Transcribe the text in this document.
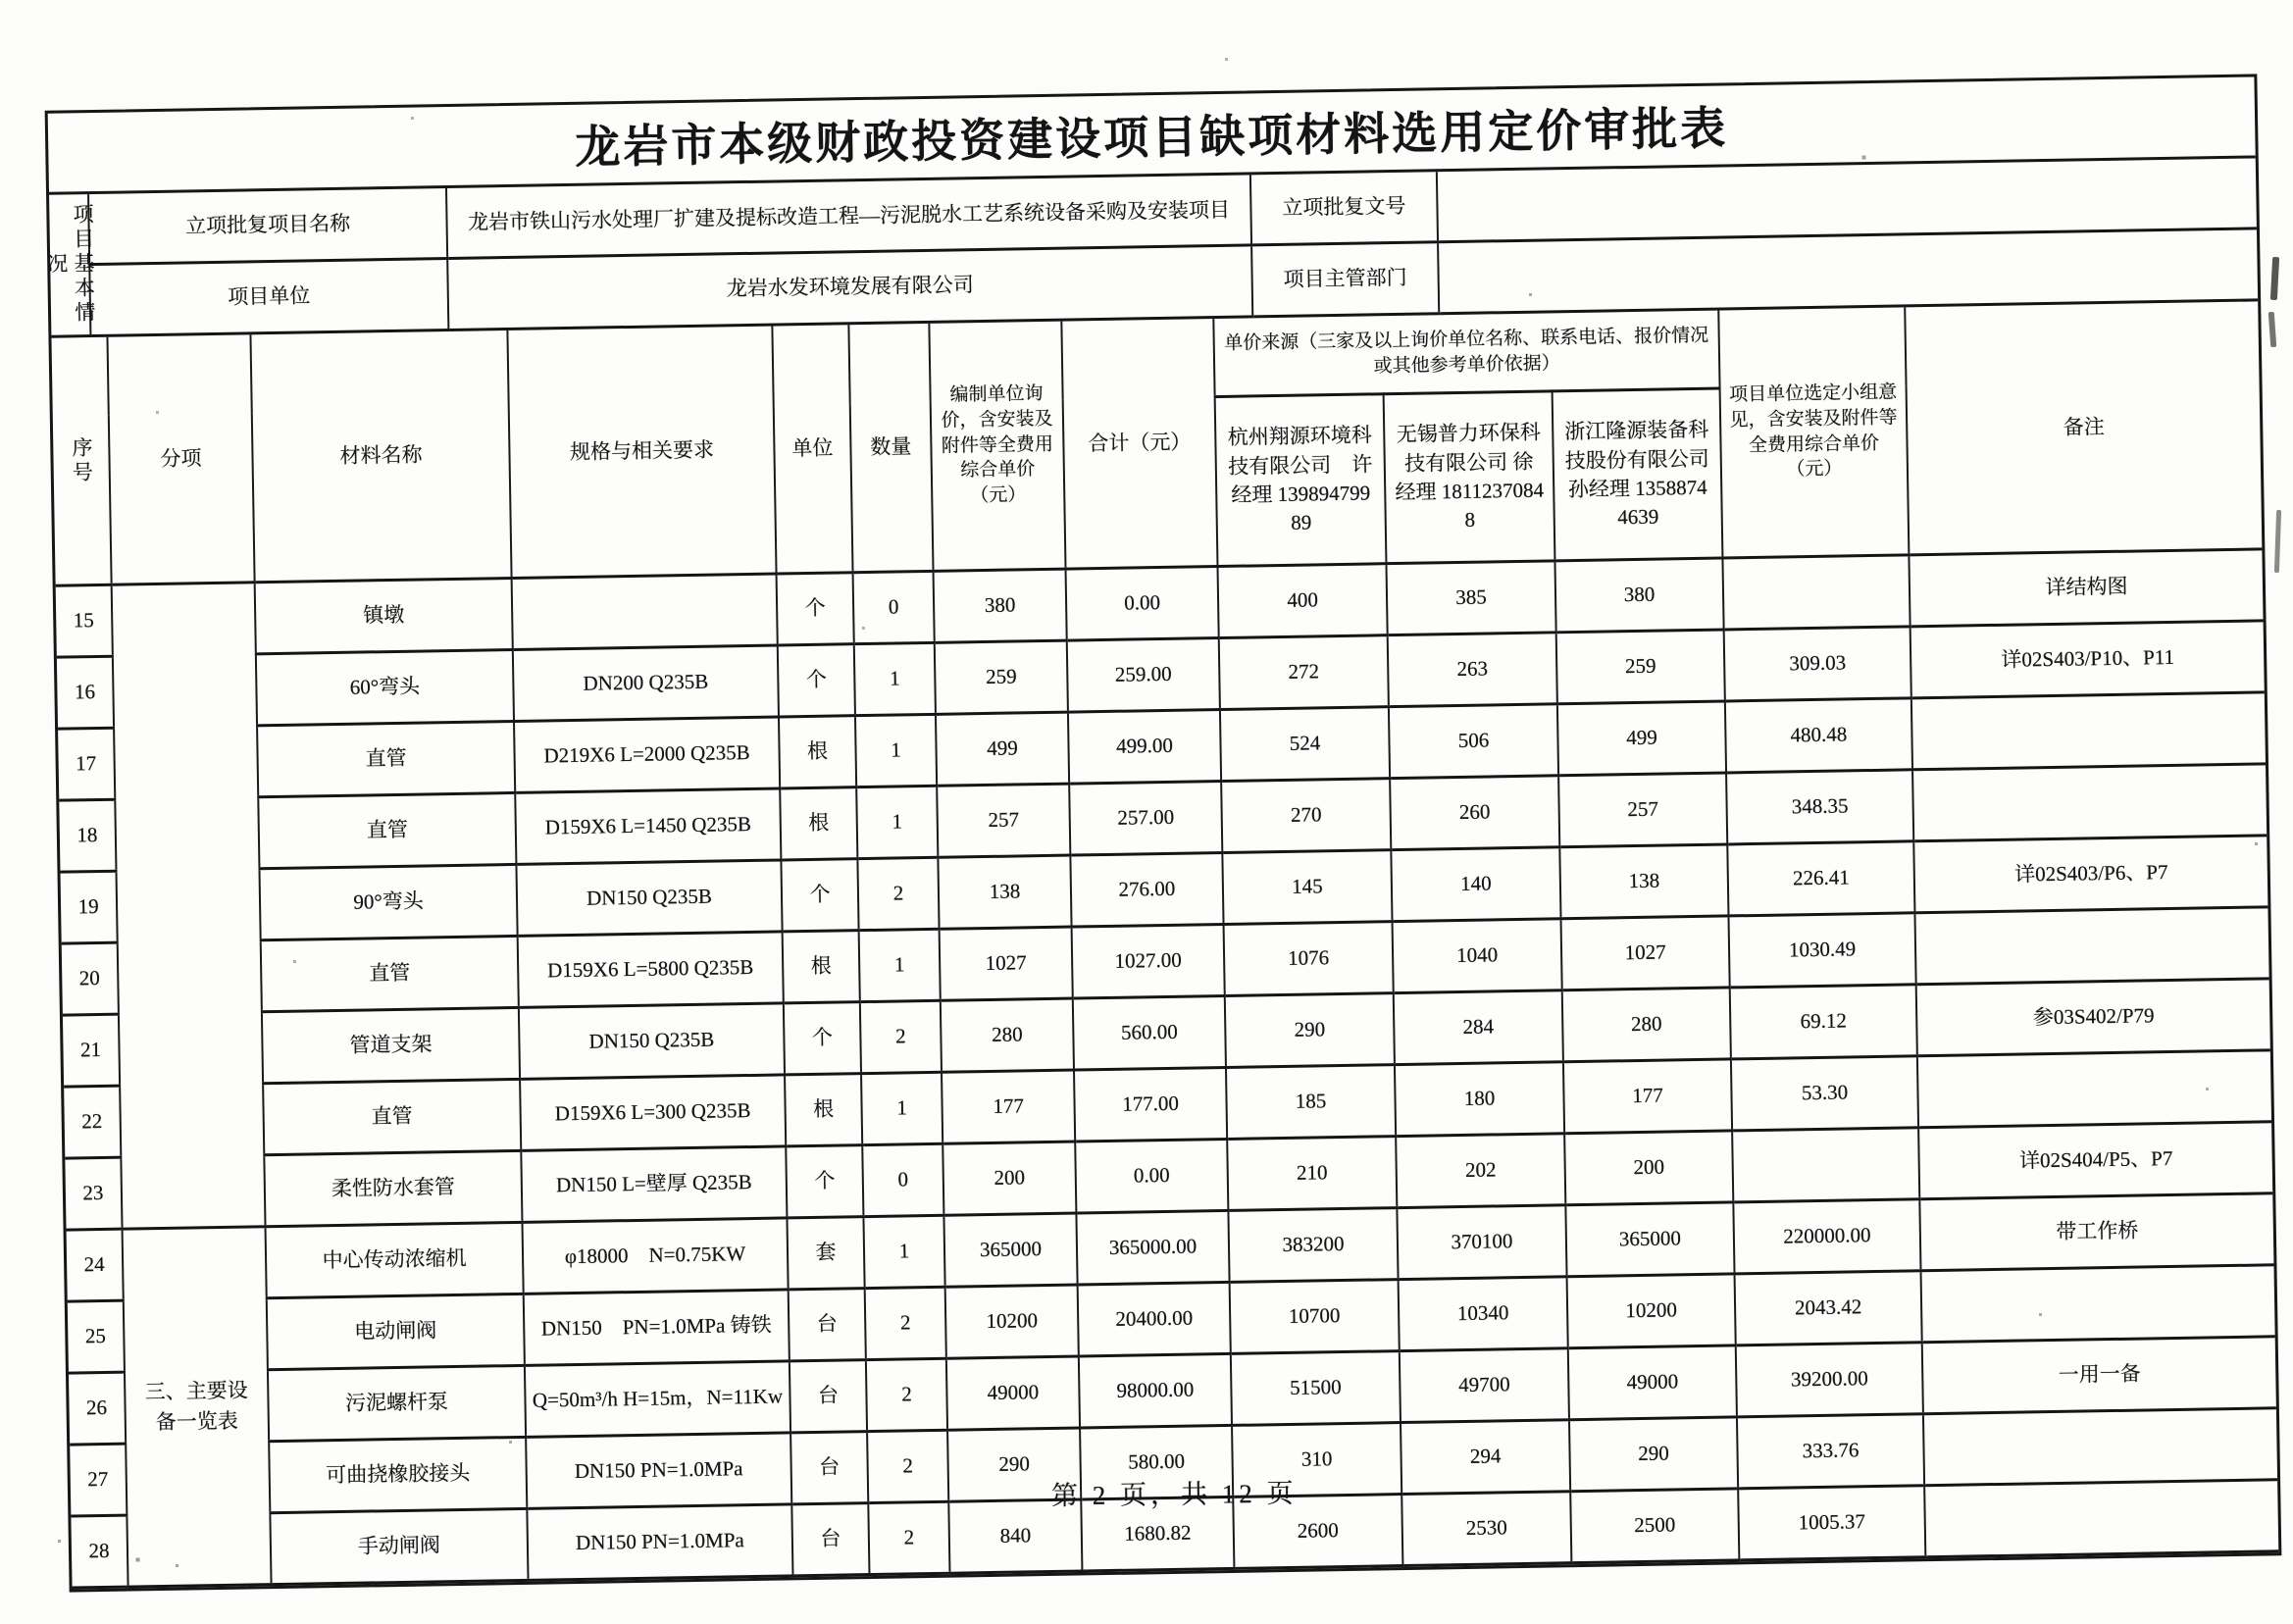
龙岩市本级财政投资建设项目缺项材料选用定价审批表
项目基本情况	立项批复项目名称	龙岩市铁山污水处理厂扩建及提标改造工程—污泥脱水工艺系统设备采购及安装项目	立项批复文号	
	项目单位	龙岩水发环境发展有限公司	项目主管部门	
序号	分项	材料名称	规格与相关要求	单位	数量	编制单位询价，含安装及附件等全费用综合单价（元）	合计（元）	单价来源（三家及以上询价单位名称、联系电话、报价情况或其他参考单价依据）			项目单位选定小组意见，含安装及附件等全费用综合单价（元）	备注
								杭州翔源环境科技有限公司　许经理 13989479989	无锡普力环保科技有限公司 徐经理 18112370848	浙江隆源装备科技股份有限公司 孙经理 13588744639		
15		镇墩		个	0	380	0.00	400	385	380		详结构图
16		60°弯头	DN200 Q235B	个	1	259	259.00	272	263	259	309.03	详02S403/P10、P11
17		直管	D219X6 L=2000 Q235B	根	1	499	499.00	524	506	499	480.48	
18		直管	D159X6 L=1450 Q235B	根	1	257	257.00	270	260	257	348.35	
19		90°弯头	DN150 Q235B	个	2	138	276.00	145	140	138	226.41	详02S403/P6、P7
20		直管	D159X6 L=5800 Q235B	根	1	1027	1027.00	1076	1040	1027	1030.49	
21		管道支架	DN150 Q235B	个	2	280	560.00	290	284	280	69.12	参03S402/P79
22		直管	D159X6 L=300 Q235B	根	1	177	177.00	185	180	177	53.30	
23		柔性防水套管	DN150 L=壁厚 Q235B	个	0	200	0.00	210	202	200		详02S404/P5、P7
24	三、主要设备一览表	中心传动浓缩机	φ18000　N=0.75KW	套	1	365000	365000.00	383200	370100	365000	220000.00	带工作桥
25		电动闸阀	DN150　PN=1.0MPa 铸铁	台	2	10200	20400.00	10700	10340	10200	2043.42	
26		污泥螺杆泵	Q=50m³/h H=15m，N=11Kw	台	2	49000	98000.00	51500	49700	49000	39200.00	一用一备
27		可曲挠橡胶接头	DN150 PN=1.0MPa	台	2	290	580.00	310	294	290	333.76	
28		手动闸阀	DN150 PN=1.0MPa	台	2	840	1680.82	2600	2530	2500	1005.37	
第 2 页，共 12 页
